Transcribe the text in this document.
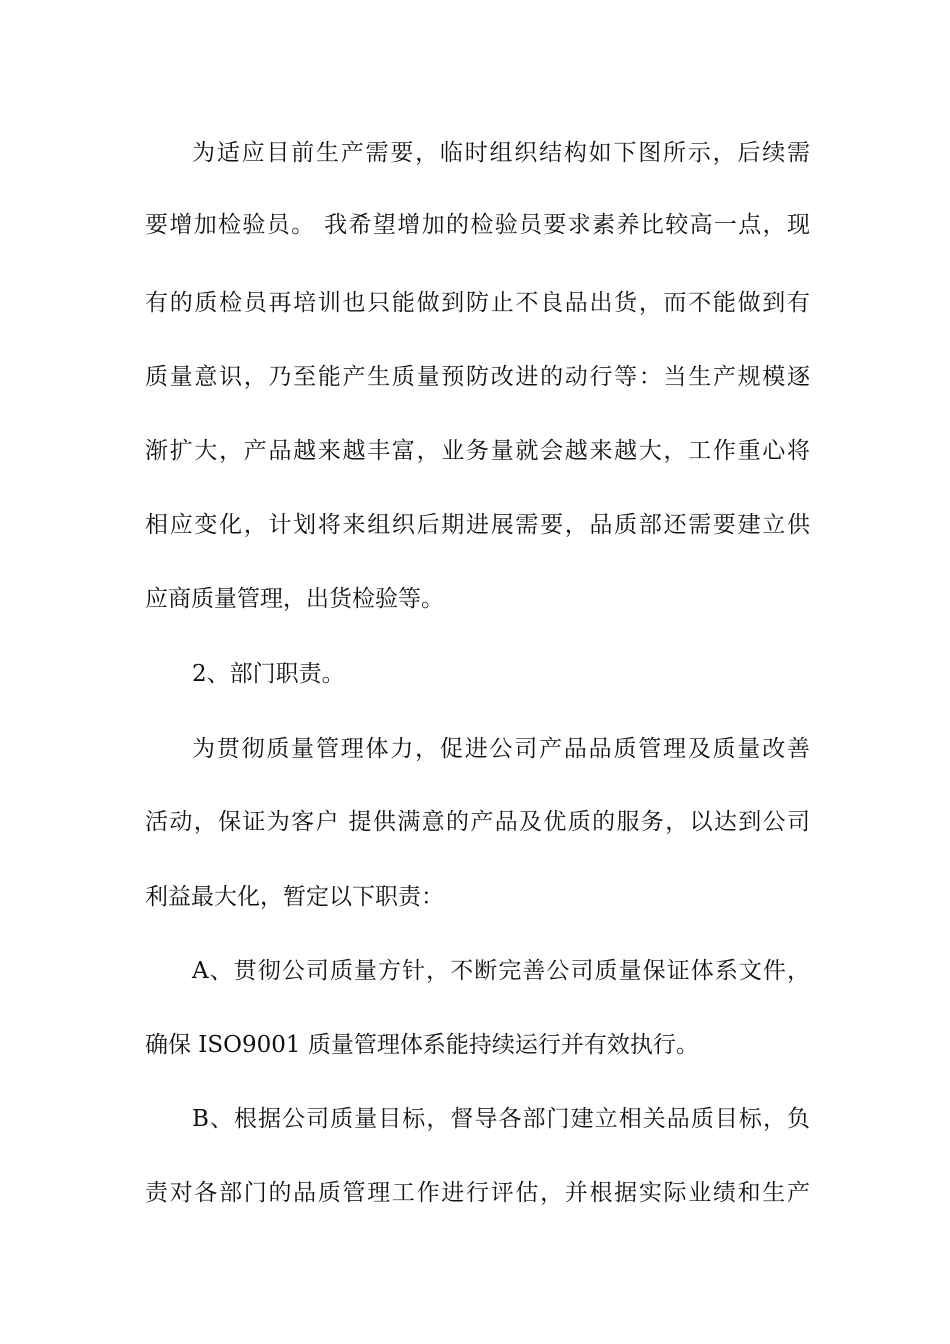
为适应目前生产需要，临时组织结构如下图所示，后续需
要增加检验员。 我希望增加的检验员要求素养比较高一点，现
有的质检员再培训也只能做到防止不良品出货，而不能做到有
质量意识，乃至能产生质量预防改进的动行等：当生产规模逐
渐扩大，产品越来越丰富，业务量就会越来越大，工作重心将
相应变化，计划将来组织后期进展需要，品质部还需要建立供
应商质量管理，出货检验等。
2、部门职责。
为贯彻质量管理体力，促进公司产品品质管理及质量改善
活动，保证为客户 提供满意的产品及优质的服务，以达到公司
利益最大化，暂定以下职责：
A、贯彻公司质量方针，不断完善公司质量保证体系文件，
确保 ISO9001 质量管理体系能持续运行并有效执行。
B、根据公司质量目标，督导各部门建立相关品质目标，负
责对各部门的品质管理工作进行评估，并根据实际业绩和生产
